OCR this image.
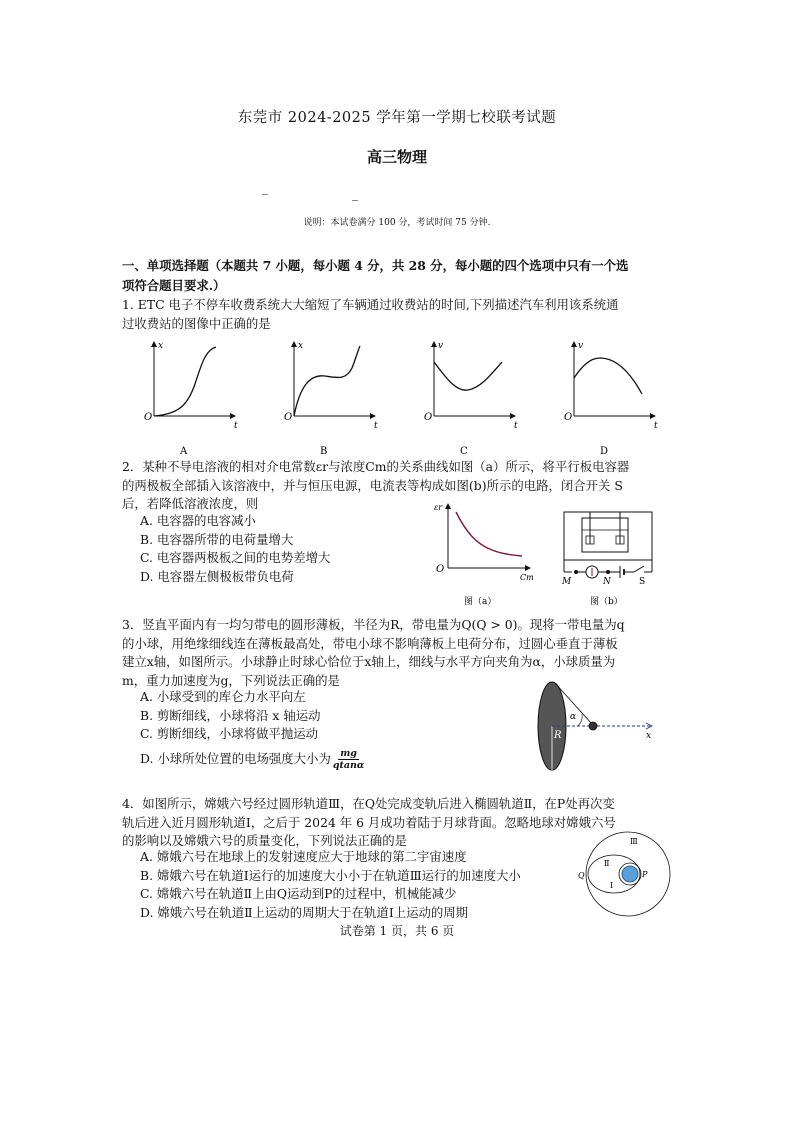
东莞市 2024-2025 学年第一学期七校联考试题
高三物理
说明：本试卷满分 100 分，考试时间 75 分钟.
一、单项选择题（本题共 7 小题，每小题 4 分，共 28 分，每小题的四个选项中只有一个选
项符合题目要求.）
1. ETC 电子不停车收费系统大大缩短了车辆通过收费站的时间,下列描述汽车利用该系统通
过收费站的图像中正确的是
x
t
O
A
x
t
O
B
v
t
O
C
v
t
O
D
2．某种不导电溶液的相对介电常数εr与浓度Cm的关系曲线如图（a）所示，将平行板电容器
的两极板全部插入该溶液中，并与恒压电源，电流表等构成如图(b)所示的电路，闭合开关 S
后，若降低溶液浓度，则
A. 电容器的电容减小
B. 电容器所带的电荷量增大
C. 电容器两极板之间的电势差增大
D. 电容器左侧极板带负电荷
εr
Cm
O
图（a）
M	N	S
图（b）
3．竖直平面内有一均匀带电的圆形薄板，半径为R，带电量为Q(Q > 0)。现将一带电量为q
的小球，用绝缘细线连在薄板最高处，带电小球不影响薄板上电荷分布，过圆心垂直于薄板
建立x轴，如图所示。小球静止时球心恰位于x轴上，细线与水平方向夹角为α，小球质量为
m，重力加速度为g，下列说法正确的是
A. 小球受到的库仑力水平向左
B. 剪断细线，小球将沿 x 轴运动
C. 剪断细线，小球将做平抛运动
D. 小球所处位置的电场强度大小为 $\frac{mg}{qtan\alpha}$
α
R	x
4．如图所示，嫦娥六号经过圆形轨道Ⅲ，在Q处完成变轨后进入椭圆轨道Ⅱ，在P处再次变
轨后进入近月圆形轨道Ⅰ，之后于 2024 年 6 月成功着陆于月球背面。忽略地球对嫦娥六号
的影响以及嫦娥六号的质量变化，下列说法正确的是
A. 嫦娥六号在地球上的发射速度应大于地球的第二宇宙速度
B. 嫦娥六号在轨道Ⅰ运行的加速度大小小于在轨道Ⅲ运行的加速度大小
C. 嫦娥六号在轨道Ⅱ上由Q运动到P的过程中，机械能减少
D. 嫦娥六号在轨道Ⅱ上运动的周期大于在轨道Ⅰ上运动的周期
Ⅲ
Ⅱ
Ⅰ
Q	P
试卷第 1 页，共 6 页
